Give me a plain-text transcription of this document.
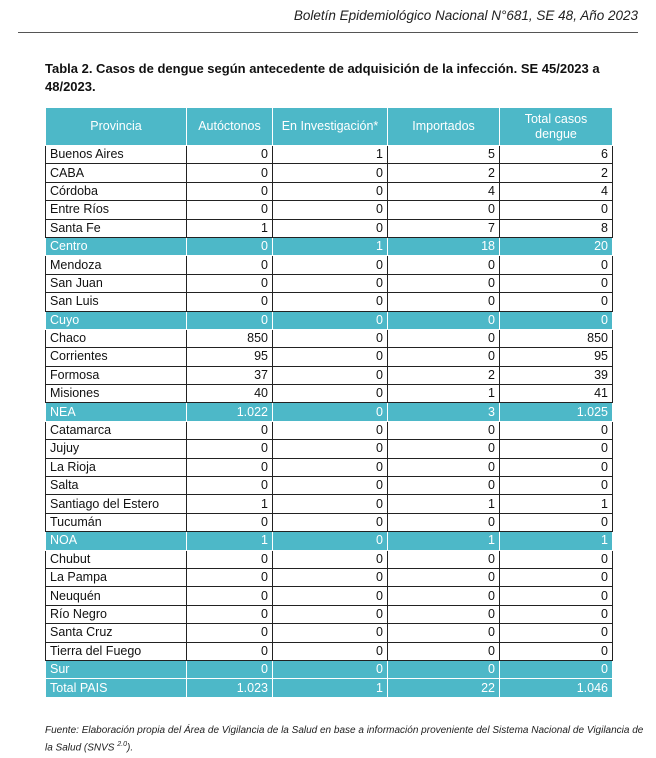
Boletín Epidemiológico Nacional N°681, SE 48, Año 2023
Tabla 2. Casos de dengue según antecedente de adquisición de la infección. SE 45/2023 a 48/2023.
Provincia	Autóctonos	En Investigación*	Importados	Total casos dengue
Buenos Aires	0	1	5	6
CABA	0	0	2	2
Córdoba	0	0	4	4
Entre Ríos	0	0	0	0
Santa Fe	1	0	7	8
Centro	0	1	18	20
Mendoza	0	0	0	0
San Juan	0	0	0	0
San Luis	0	0	0	0
Cuyo	0	0	0	0
Chaco	850	0	0	850
Corrientes	95	0	0	95
Formosa	37	0	2	39
Misiones	40	0	1	41
NEA	1.022	0	3	1.025
Catamarca	0	0	0	0
Jujuy	0	0	0	0
La Rioja	0	0	0	0
Salta	0	0	0	0
Santiago del Estero	1	0	1	1
Tucumán	0	0	0	0
NOA	1	0	1	1
Chubut	0	0	0	0
La Pampa	0	0	0	0
Neuquén	0	0	0	0
Río Negro	0	0	0	0
Santa Cruz	0	0	0	0
Tierra del Fuego	0	0	0	0
Sur	0	0	0	0
Total PAIS	1.023	1	22	1.046
Fuente: Elaboración propia del Área de Vigilancia de la Salud en base a información proveniente del Sistema Nacional de Vigilancia de la Salud (SNVS $^{2.0}$).
